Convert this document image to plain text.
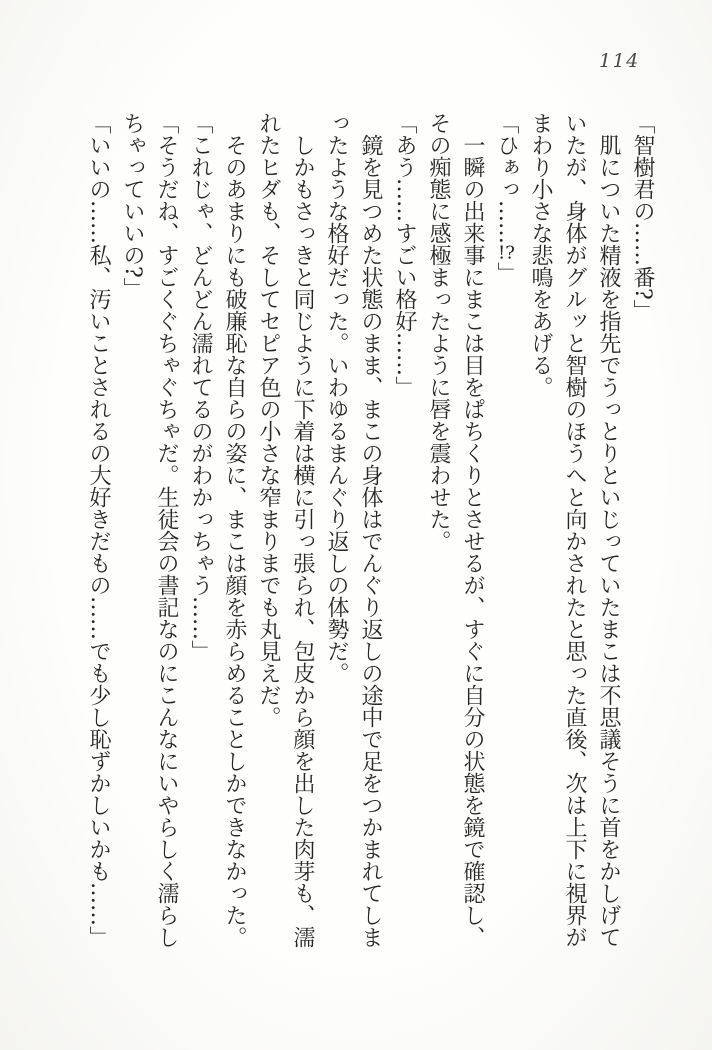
114

「智樹君の……番?」

肌についた精液を指先でうっとりといじっていたまこは不思議そうに首をかしげて
いたが、身体がグルッと智樹のほうへと向かされたと思った直後、次は上下に視界が
まわり小さな悲鳴をあげる。

「ひぁっ……!?」

一瞬の出来事にまこは目をぱちくりとさせるが、すぐに自分の状態を鏡で確認し、
その痴態に感極まったように唇を震わせた。

「あう……すごい格好……」

鏡を見つめた状態のまま、まこの身体はでんぐり返しの途中で足をつかまれてしま
ったような格好だった。いわゆるまんぐり返しの体勢だ。

しかもさっきと同じように下着は横に引っ張られ、包皮から顔を出した肉芽も、濡
れたヒダも、そしてセピア色の小さな窄まりまでも丸見えだ。

そのあまりにも破廉恥な自らの姿に、まこは顔を赤らめることしかできなかった。

「これじゃ、どんどん濡れてるのがわかっちゃう……」

「そうだね、すごくぐちゃぐちゃだ。生徒会の書記なのにこんなにいやらしく濡らし
ちゃっていいの?」

「いいの……私、汚いことされるの大好きだもの……でも少し恥ずかしいかも……」
